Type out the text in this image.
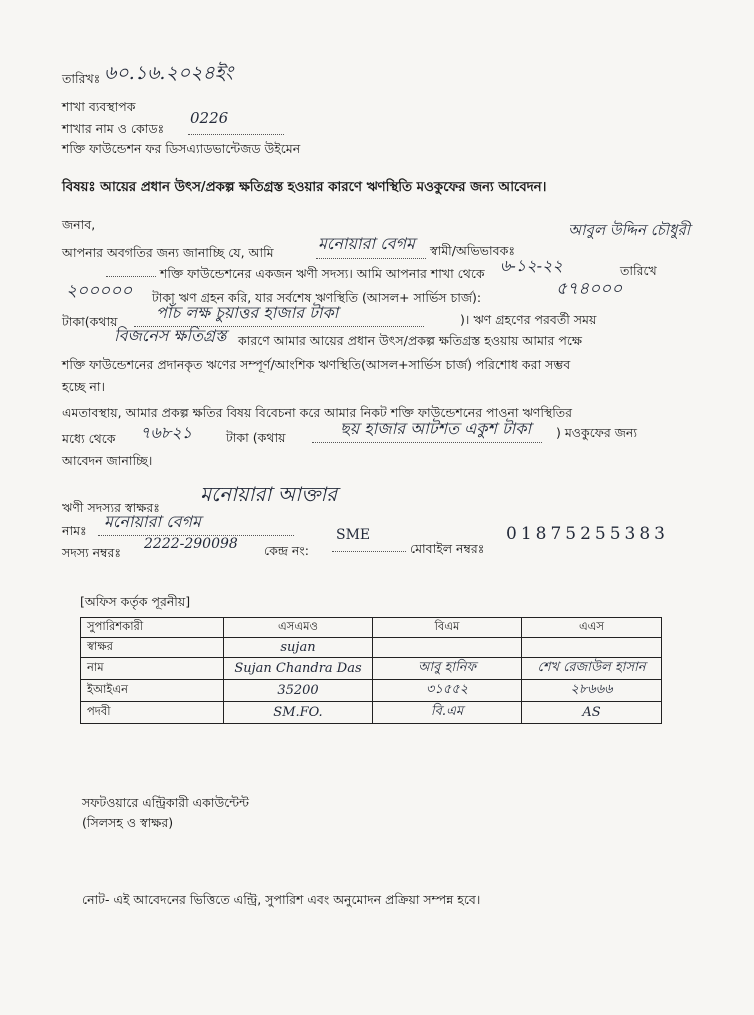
তারিখঃ ৬০.১৬.২০২৪ইং
শাখা ব্যবস্থাপক
শাখার নাম ও কোডঃ
0226
শক্তি ফাউন্ডেশন ফর ডিসএ্যাডভান্টেজড উইমেন
বিষয়ঃ আয়ের প্রধান উৎস/প্রকল্প ক্ষতিগ্রস্ত হওয়ার কারণে ঋণস্থিতি মওকুফের জন্য আবেদন।
জনাব,
আপনার অবগতির জন্য জানাচ্ছি যে, আমি	মনোয়ারা বেগম স্বামী/অভিভাবকঃ
আবুল উদ্দিন চৌধুরী
শক্তি ফাউন্ডেশনের একজন ঋণী সদস্য। আমি আপনার শাখা থেকে ৬-১২-২২	তারিখে
২০০০০০ টাকা ঋণ গ্রহন করি, যার সর্বশেষ ঋণস্থিতি (আসল+ সার্ভিস চার্জ):	৫৭৪০০০
টাকা(কথায় পাঁচ লক্ষ চুয়াত্তর হাজার টাকা	)। ঋণ গ্রহণের পরবর্তী সময়
বিজনেস ক্ষতিগ্রস্ত কারণে আমার আয়ের প্রধান উৎস/প্রকল্প ক্ষতিগ্রস্ত হওয়ায় আমার পক্ষে
শক্তি ফাউন্ডেশনের প্রদানকৃত ঋণের সম্পূর্ণ/আংশিক ঋণস্থিতি(আসল+সার্ভিস চার্জ) পরিশোধ করা সম্ভব
হচ্ছে না।
এমতাবস্থায়, আমার প্রকল্প ক্ষতির বিষয় বিবেচনা করে আমার নিকট শক্তি ফাউন্ডেশনের পাওনা ঋণস্থিতির
মধ্যে থেকে ৭৬৮২১	টাকা (কথায়	ছয় হাজার আটশত একুশ টাকা ) মওকুফের জন্য
আবেদন জানাচ্ছি।
ঋণী সদস্যর স্বাক্ষরঃ
মনোয়ারা আক্তার
নামঃ মনোয়ারা বেগম
সদস্য নম্বরঃ
2222-290098 কেন্দ্র নং:
SME
মোবাইল নম্বরঃ
01875255383
[অফিস কর্তৃক পূরনীয়]
সুপারিশকারী	এসএমও	বিএম	এএস
স্বাক্ষর	sujan		
নাম	Sujan Chandra Das	আবু হানিফ	শেখ রেজাউল হাসান
ইআইএন	35200	৩১৫৫২	২৮৬৬৬
পদবী	SM.FO.	বি.এম	AS
সফটওয়ারে এন্ট্রিকারী একাউন্টেন্ট
(সিলসহ ও স্বাক্ষর)
নোট- এই আবেদনের ভিত্তিতে এন্ট্রি, সুপারিশ এবং অনুমোদন প্রক্রিয়া সম্পন্ন হবে।
